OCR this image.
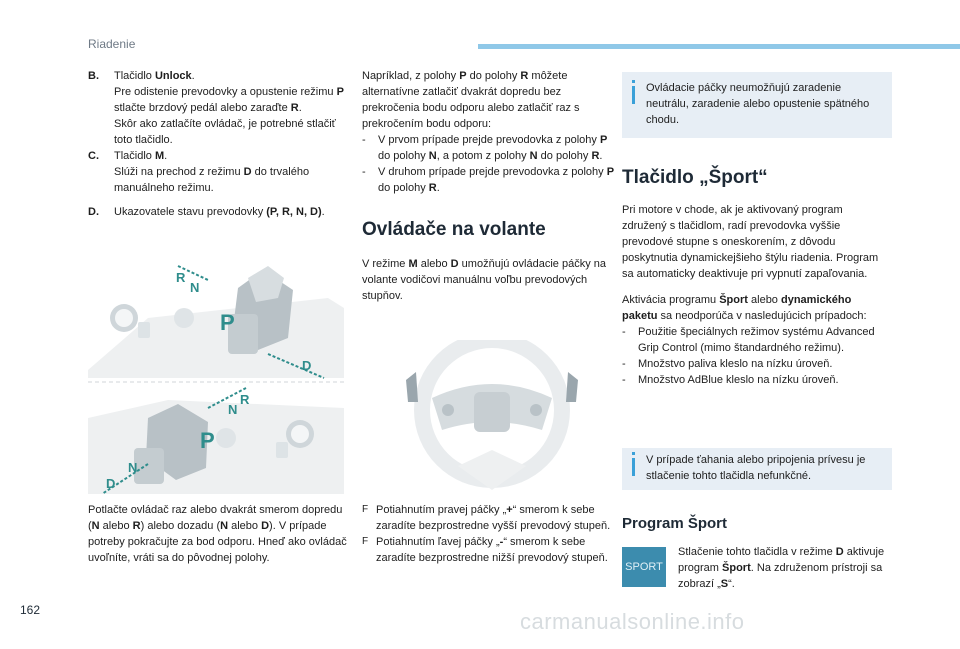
Riadenie
B.	Tlačidlo Unlock.
Pre odistenie prevodovky a opustenie režimu P stlačte brzdový pedál alebo zaraďte R.
Skôr ako zatlačíte ovládač, je potrebné stlačiť toto tlačidlo.
C.	Tlačidlo M.
Slúži na prechod z režimu D do trvalého manuálneho režimu.
D.	Ukazovatele stavu prevodovky (P, R, N, D).
P
R
N
D
P
R
N
N
D
Potlačte ovládač raz alebo dvakrát smerom dopredu (N alebo R) alebo dozadu (N alebo D). V prípade potreby pokračujte za bod odporu. Hneď ako ovládač uvoľníte, vráti sa do pôvodnej polohy.
Napríklad, z polohy P do polohy R môžete alternatívne zatlačiť dvakrát dopredu bez prekročenia bodu odporu alebo zatlačiť raz s prekročením bodu odporu:
-	V prvom prípade prejde prevodovka z polohy P do polohy N, a potom z polohy N do polohy R.
-	V druhom prípade prejde prevodovka z polohy P do polohy R.
Ovládače na volante
V režime M alebo D umožňujú ovládacie páčky na volante vodičovi manuálnu voľbu prevodových stupňov.
F Potiahnutím pravej páčky „+“ smerom k sebe zaradíte bezprostredne vyšší prevodový stupeň.
F Potiahnutím ľavej páčky „-“ smerom k sebe zaradíte bezprostredne nižší prevodový stupeň.
Ovládacie páčky neumožňujú zaradenie neutrálu, zaradenie alebo opustenie spätného chodu.
Tlačidlo „Šport“
Pri motore v chode, ak je aktivovaný program združený s tlačidlom, radí prevodovka vyššie prevodové stupne s oneskorením, z dôvodu poskytnutia dynamickejšieho štýlu riadenia. Program sa automaticky deaktivuje pri vypnutí zapaľovania.
Aktivácia programu Šport alebo dynamického paketu sa neodporúča v nasledujúcich prípadoch:
-	Použitie špeciálnych režimov systému Advanced Grip Control (mimo štandardného režimu).
-	Množstvo paliva kleslo na nízku úroveň.
-	Množstvo AdBlue kleslo na nízku úroveň.
V prípade ťahania alebo pripojenia prívesu je stlačenie tohto tlačidla nefunkčné.
Program Šport
SPORT
Stlačenie tohto tlačidla v režime D aktivuje program Šport. Na združenom prístroji sa zobrazí „S“.
162	carmanualsonline.info
